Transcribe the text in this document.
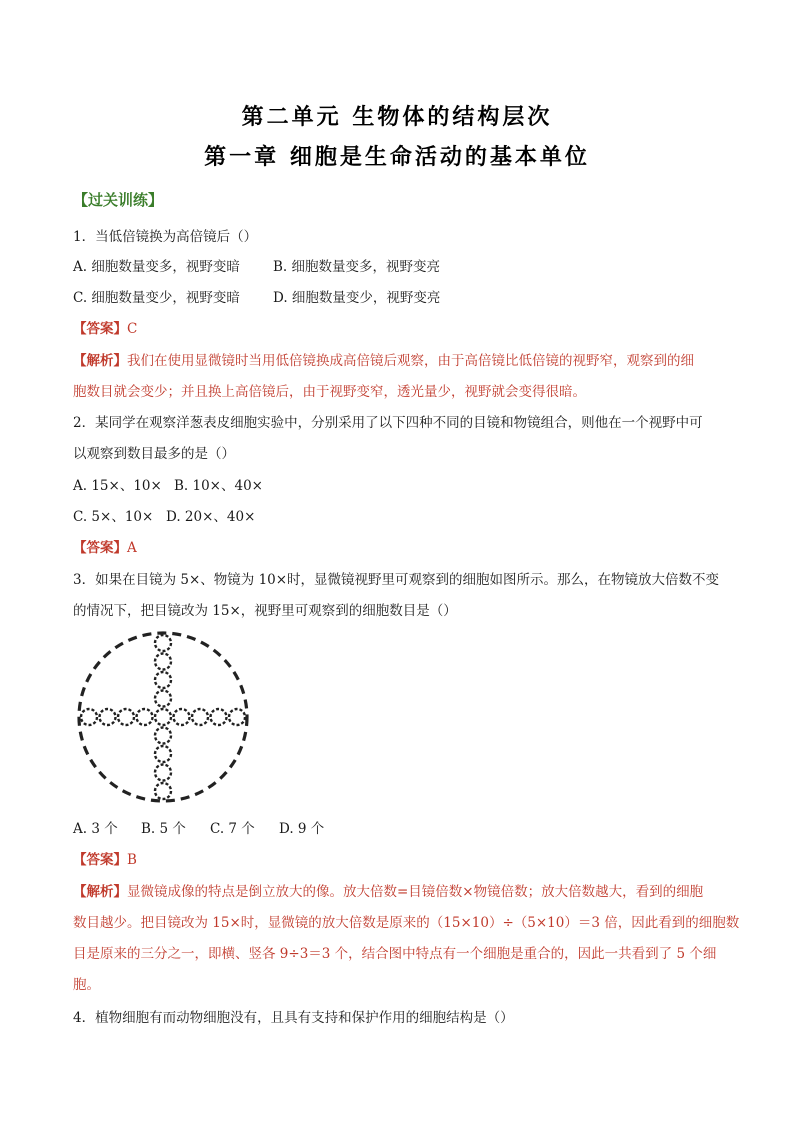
第二单元 生物体的结构层次
第一章 细胞是生命活动的基本单位
【过关训练】
1．当低倍镜换为高倍镜后（）
A. 细胞数量变多，视野变暗 B. 细胞数量变多，视野变亮
C. 细胞数量变少，视野变暗 D. 细胞数量变少，视野变亮
【答案】C
【解析】我们在使用显微镜时当用低倍镜换成高倍镜后观察，由于高倍镜比低倍镜的视野窄，观察到的细
胞数目就会变少；并且换上高倍镜后，由于视野变窄，透光量少，视野就会变得很暗。
2．某同学在观察洋葱表皮细胞实验中，分别采用了以下四种不同的目镜和物镜组合，则他在一个视野中可
以观察到数目最多的是（）
A. 15×、10× B. 10×、40×
C. 5×、10× D. 20×、40×
【答案】A
3．如果在目镜为 5×、物镜为 10×时，显微镜视野里可观察到的细胞如图所示。那么，在物镜放大倍数不变
的情况下，把目镜改为 15×，视野里可观察到的细胞数目是（）
A. 3 个 B. 5 个 C. 7 个 D. 9 个
【答案】B
【解析】显微镜成像的特点是倒立放大的像。放大倍数=目镜倍数×物镜倍数；放大倍数越大，看到的细胞
数目越少。把目镜改为 15×时，显微镜的放大倍数是原来的（15×10）÷（5×10）＝3 倍，因此看到的细胞数
目是原来的三分之一，即横、竖各 9÷3＝3 个，结合图中特点有一个细胞是重合的，因此一共看到了 5 个细
胞。
4．植物细胞有而动物细胞没有，且具有支持和保护作用的细胞结构是（）
